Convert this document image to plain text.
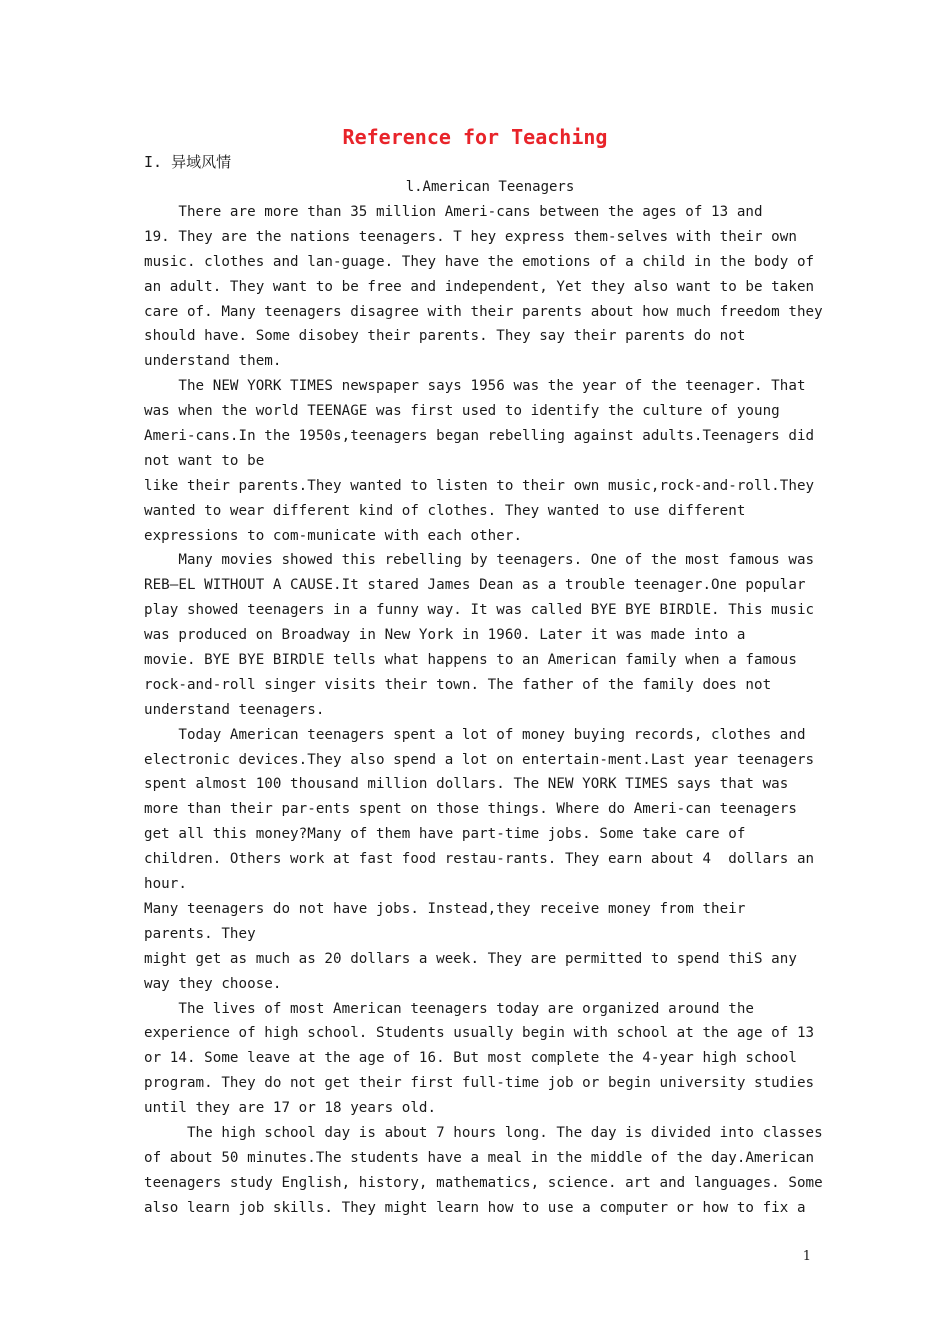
Reference for Teaching
I. 异域风情
l.American Teenagers
There are more than 35 million Ameri-cans between the ages of 13 and
19. They are the nations teenagers. T hey express them-selves with their own
music. clothes and lan-guage. They have the emotions of a child in the body of
an adult. They want to be free and independent, Yet they also want to be taken
care of. Many teenagers disagree with their parents about how much freedom they
should have. Some disobey their parents. They say their parents do not
understand them.
The NEW YORK TIMES newspaper says 1956 was the year of the teenager. That
was when the world TEENAGE was first used to identify the culture of young
Ameri-cans.In the 1950s,teenagers began rebelling against adults.Teenagers did
not want to be
like their parents.They wanted to listen to their own music,rock-and-roll.They
wanted to wear different kind of clothes. They wanted to use different
expressions to com-municate with each other.
Many movies showed this rebelling by teenagers. One of the most famous was
REB—EL WITHOUT A CAUSE.It stared James Dean as a trouble teenager.One popular
play showed teenagers in a funny way. It was called BYE BYE BIRDlE. This music
was produced on Broadway in New York in 1960. Later it was made into a
movie. BYE BYE BIRDlE tells what happens to an American family when a famous
rock-and-roll singer visits their town. The father of the family does not
understand teenagers.
Today American teenagers spent a lot of money buying records, clothes and
electronic devices.They also spend a lot on entertain-ment.Last year teenagers
spent almost 100 thousand million dollars. The NEW YORK TIMES says that was
more than their par-ents spent on those things. Where do Ameri-can teenagers
get all this money?Many of them have part-time jobs. Some take care of
children. Others work at fast food restau-rants. They earn about 4  dollars an
hour.
Many teenagers do not have jobs. Instead,they receive money from their
parents. They
might get as much as 20 dollars a week. They are permitted to spend thiS any
way they choose.
The lives of most American teenagers today are organized around the
experience of high school. Students usually begin with school at the age of 13
or 14. Some leave at the age of 16. But most complete the 4-year high school
program. They do not get their first full-time job or begin university studies
until they are 17 or 18 years old.
The high school day is about 7 hours long. The day is divided into classes
of about 50 minutes.The students have a meal in the middle of the day.American
teenagers study English, history, mathematics, science. art and languages. Some
also learn job skills. They might learn how to use a computer or how to fix a
1
